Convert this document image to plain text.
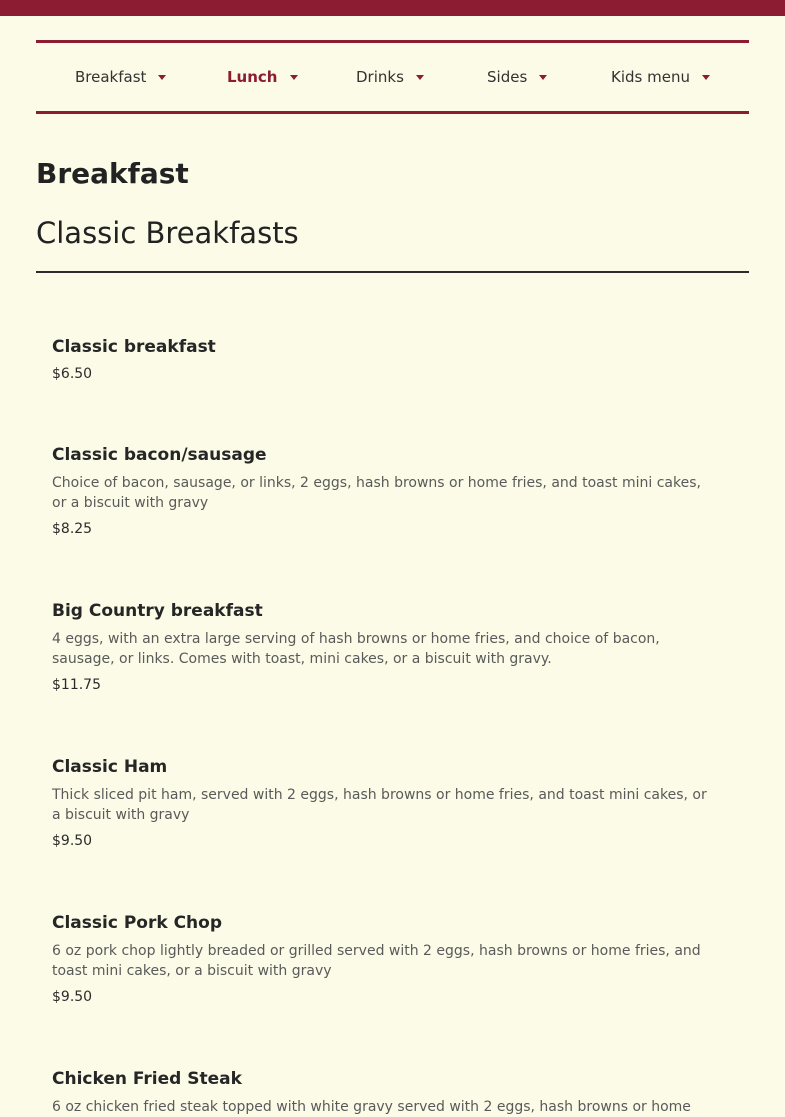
Breakfast	Lunch	Drinks	Sides	Kids menu
Breakfast
Classic Breakfasts

Classic breakfast

$6.50

Classic bacon/sausage

Choice of bacon, sausage, or links, 2 eggs, hash browns or home fries, and toast mini cakes, or a biscuit with gravy

$8.25

Big Country breakfast

4 eggs, with an extra large serving of hash browns or home fries, and choice of bacon, sausage, or links. Comes with toast, mini cakes, or a biscuit with gravy.

$11.75

Classic Ham

Thick sliced pit ham, served with 2 eggs, hash browns or home fries, and toast mini cakes, or a biscuit with gravy

$9.50

Classic Pork Chop

6 oz pork chop lightly breaded or grilled served with 2 eggs, hash browns or home fries, and toast mini cakes, or a biscuit with gravy

$9.50

Chicken Fried Steak

6 oz chicken fried steak topped with white gravy served with 2 eggs, hash browns or home
